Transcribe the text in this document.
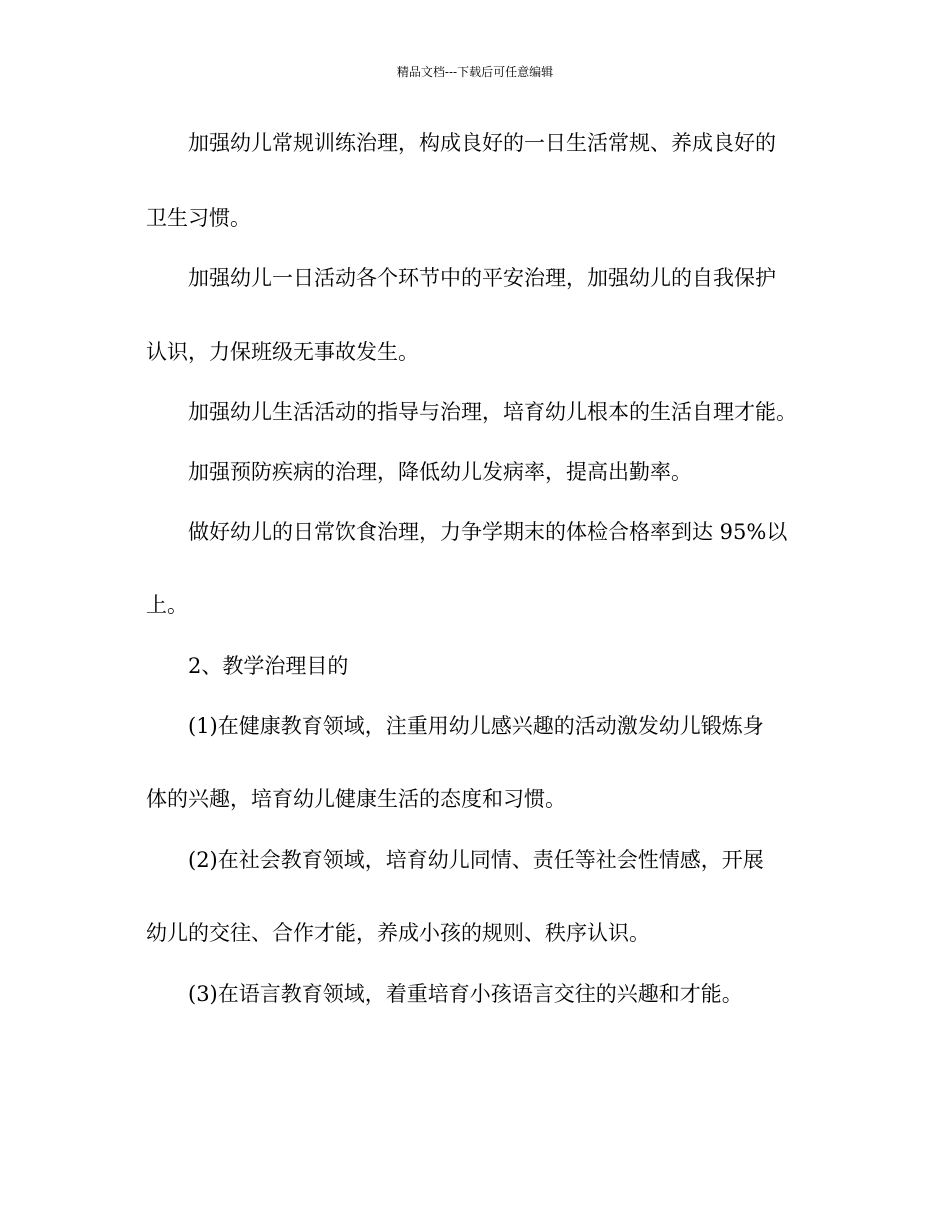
精品文档---下载后可任意编辑
加强幼儿常规训练治理，构成良好的一日生活常规、养成良好的
卫生习惯。
加强幼儿一日活动各个环节中的平安治理，加强幼儿的自我保护
认识，力保班级无事故发生。
加强幼儿生活活动的指导与治理，培育幼儿根本的生活自理才能。
加强预防疾病的治理，降低幼儿发病率，提高出勤率。
做好幼儿的日常饮食治理，力争学期末的体检合格率到达 95%以
上。
2、教学治理目的
(1)在健康教育领域，注重用幼儿感兴趣的活动激发幼儿锻炼身
体的兴趣，培育幼儿健康生活的态度和习惯。
(2)在社会教育领域，培育幼儿同情、责任等社会性情感，开展
幼儿的交往、合作才能，养成小孩的规则、秩序认识。
(3)在语言教育领域，着重培育小孩语言交往的兴趣和才能。
